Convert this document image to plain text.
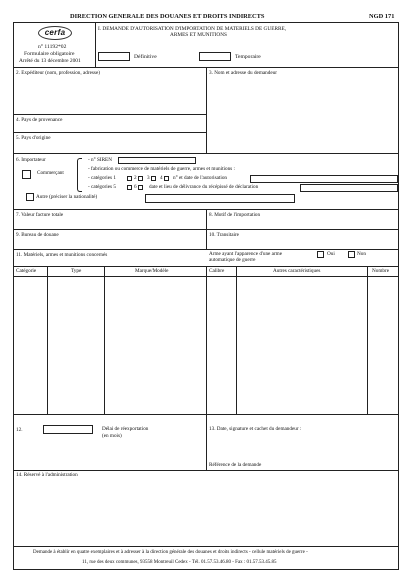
DIRECTION GENERALE DES DOUANES ET DROITS INDIRECTS	NGD 171
cerfa
n° 11192*02
Formulaire obligatoire
Arrêté du 13 décembre 2001
I. DEMANDE D'AUTORISATION D'IMPORTATION DE MATERIELS DE GUERRE,
ARMES ET MUNITIONS
Définitive	Temporaire
2. Expéditeur (nom, profession, adresse)	3. Nom et adresse du demandeur
4. Pays de provenance
5. Pays d'origine
6. Importateur
Commerçant
- n° SIREN
- fabrication ou commerce de matériels de guerre, armes et munitions :
- catégories 1	2 3 4 n° et date de l'autorisation
- catégories 5	6 date et lieu de délivrance du récépissé de déclaration
Autre (préciser la nationalité)
7. Valeur facture totale	8. Motif de l'importation
9. Bureau de douane	10. Transitaire
11. Matériels, armes et munitions concernés	Arme ayant l'apparence d'une arme
automatique de guerre
Oui	Non
Catégorie	Type	Marque/Modèle	Calibre	Autres caractéristiques	Nombre
12.	Délai de réexportation
(en mois)
13. Date, signature et cachet du demandeur :
Référence de la demande
14. Réservé à l'administration
Demande à établir en quatre exemplaires et à adresser à la direction générale des douanes et droits indirects - cellule matériels de guerre -
11, rue des deux communes, 93558 Montreuil Cedex - Tél. 01.57.53.46.80 - Fax : 01.57.53.45.85
